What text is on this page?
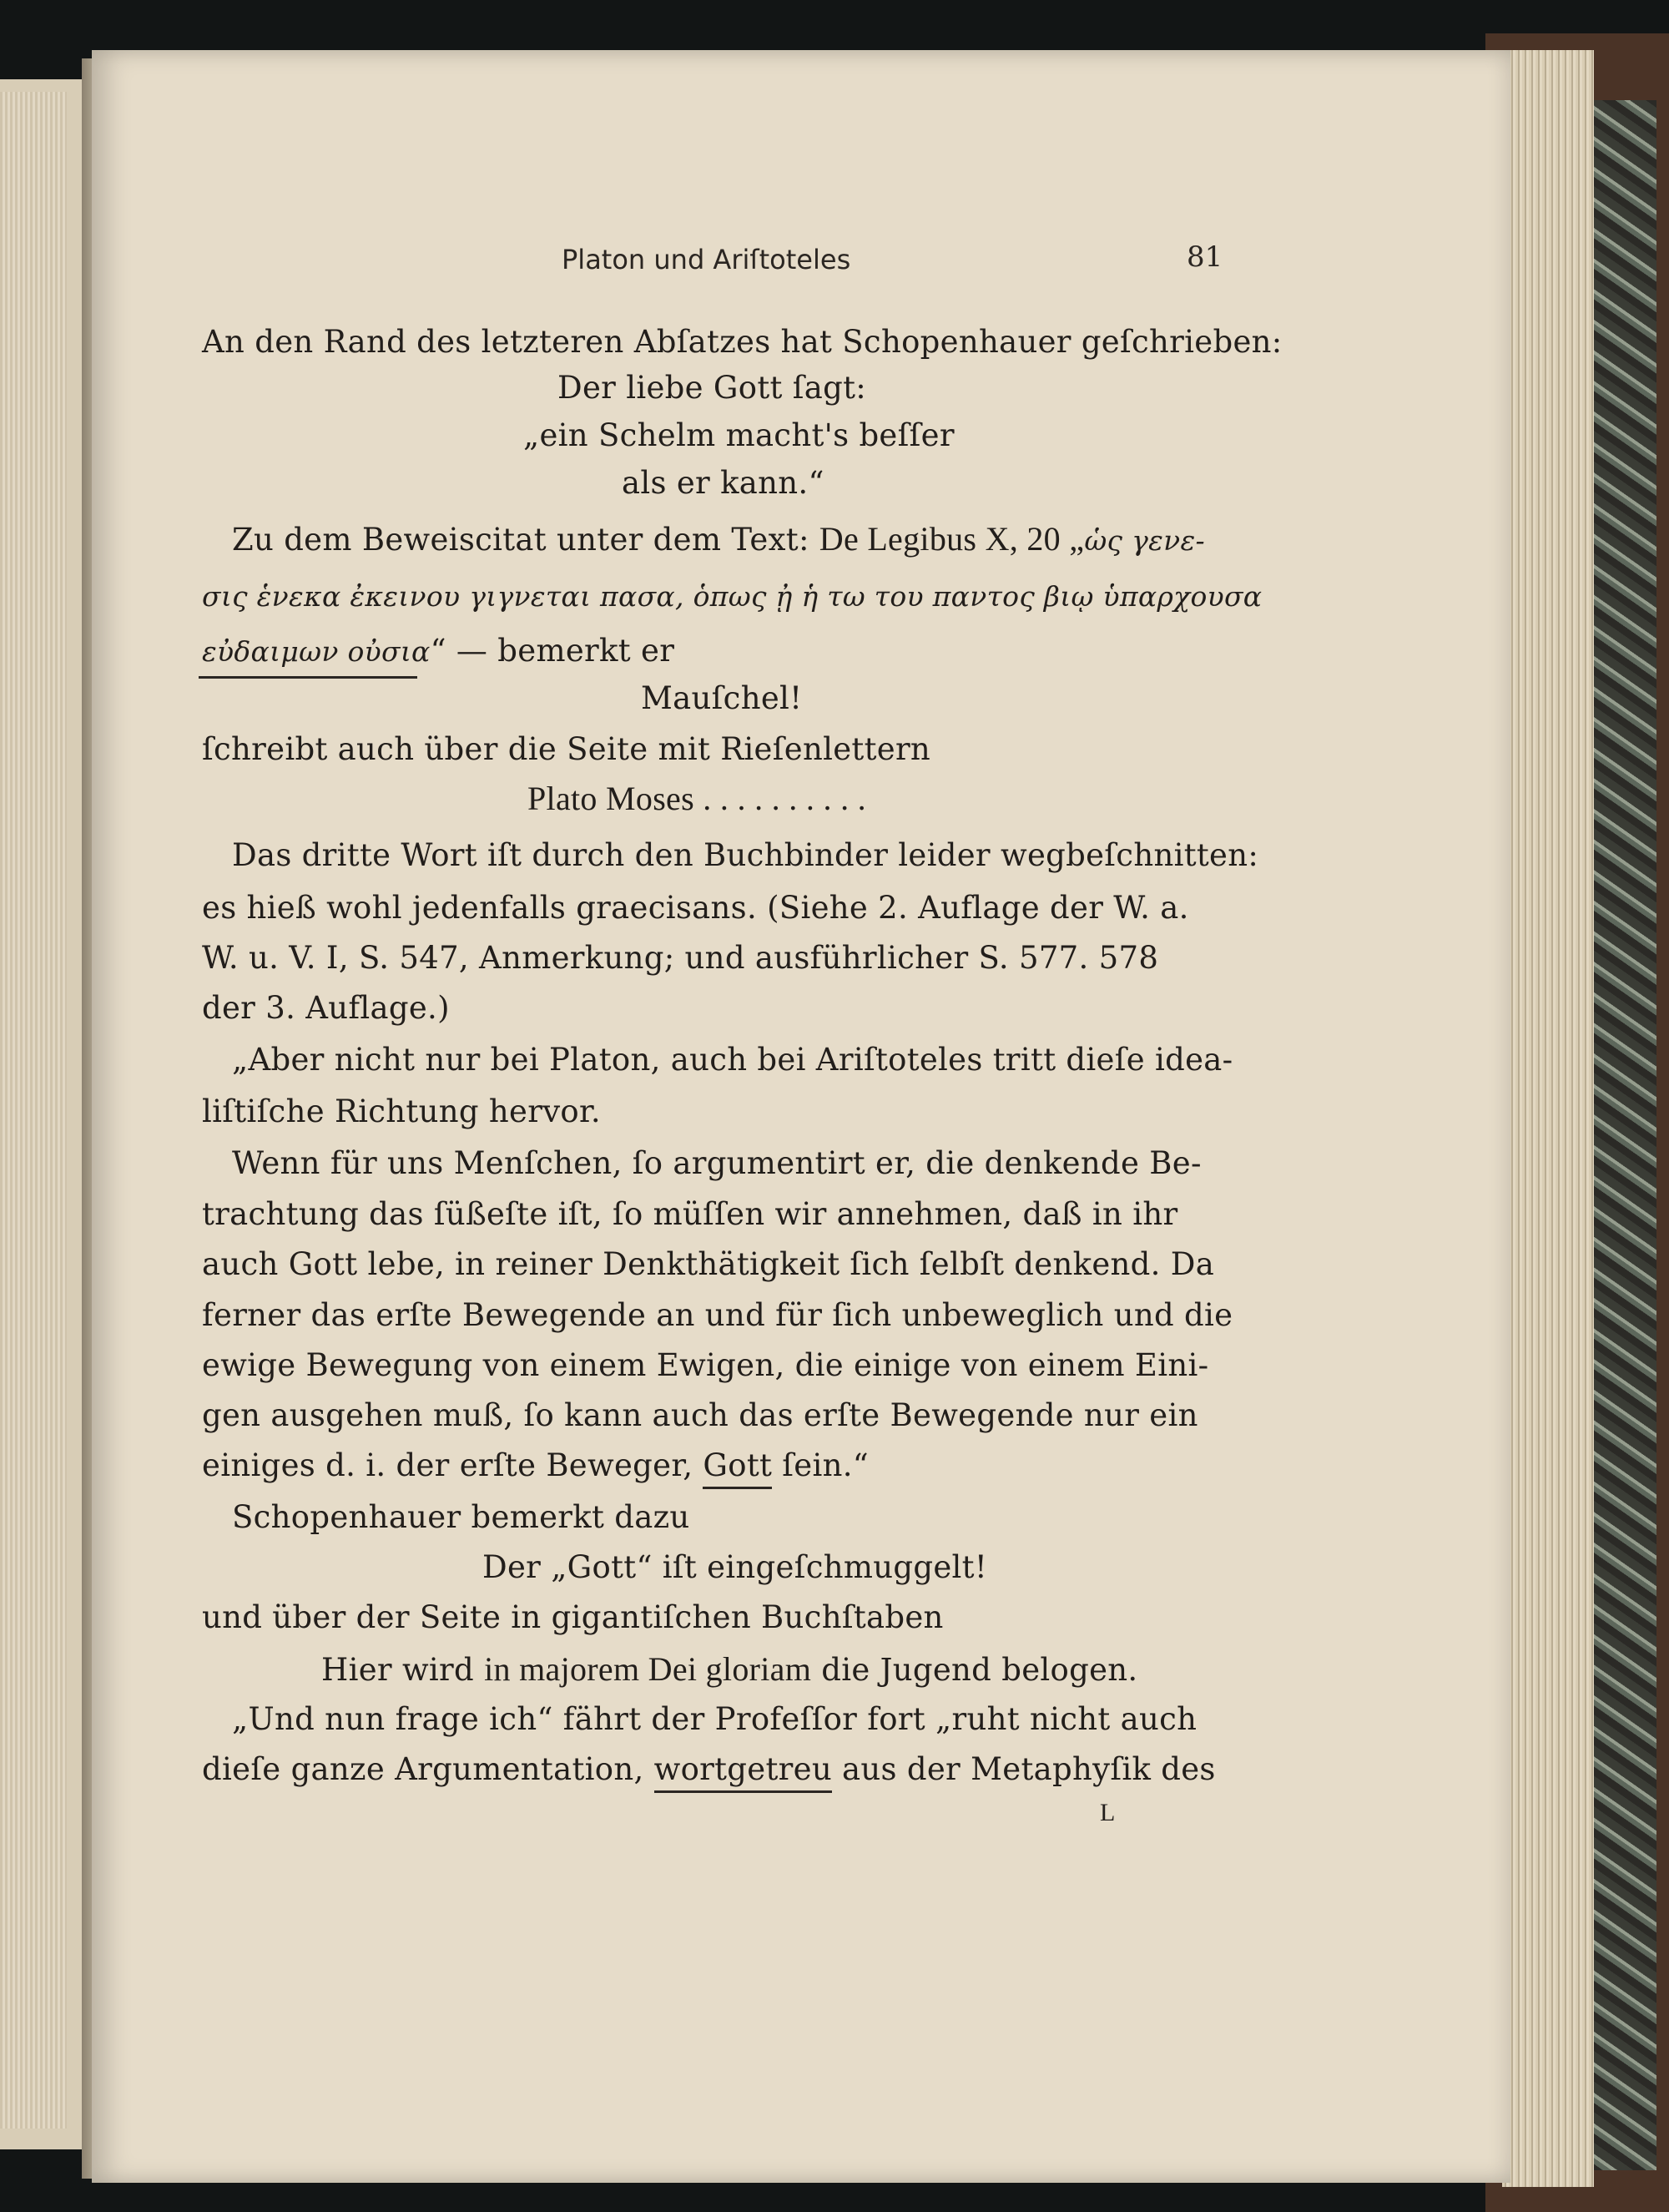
Platon und Ariſtoteles	81
An den Rand des letzteren Abſatzes hat Schopenhauer geſchrieben:
Der liebe Gott ſagt:
„ein Schelm macht's beſſer
als er kann.“
Zu dem Beweiscitat unter dem Text: De Legibus X, 20 „ὡς γενε-
σις ἑνεκα ἐκεινου γιγνεται πασα, ὁπως ᾐ ἡ τω του παντος βιῳ ὑπαρχουσα
εὐδαιμων οὐσια“ — bemerkt er
Mauſchel!
ſchreibt auch über die Seite mit Rieſenlettern
Plato Moses . . . . . . . . . .
Das dritte Wort iſt durch den Buchbinder leider wegbeſchnitten:
es hieß wohl jedenfalls graecisans. (Siehe 2. Auflage der W. a.
W. u. V. I, S. 547, Anmerkung; und ausführlicher S. 577. 578
der 3. Auflage.)
„Aber nicht nur bei Platon, auch bei Ariſtoteles tritt dieſe idea-
liſtiſche Richtung hervor.
Wenn für uns Menſchen, ſo argumentirt er, die denkende Be-
trachtung das ſüßeſte iſt, ſo müſſen wir annehmen, daß in ihr
auch Gott lebe, in reiner Denkthätigkeit ſich ſelbſt denkend. Da
ferner das erſte Bewegende an und für ſich unbeweglich und die
ewige Bewegung von einem Ewigen, die einige von einem Eini-
gen ausgehen muß, ſo kann auch das erſte Bewegende nur ein
einiges d. i. der erſte Beweger, Gott ſein.“
Schopenhauer bemerkt dazu
Der „Gott“ iſt eingeſchmuggelt!
und über der Seite in gigantiſchen Buchſtaben
Hier wird in majorem Dei gloriam die Jugend belogen.
„Und nun frage ich“ fährt der Profeſſor fort „ruht nicht auch
dieſe ganze Argumentation, wortgetreu aus der Metaphyſik des
L
